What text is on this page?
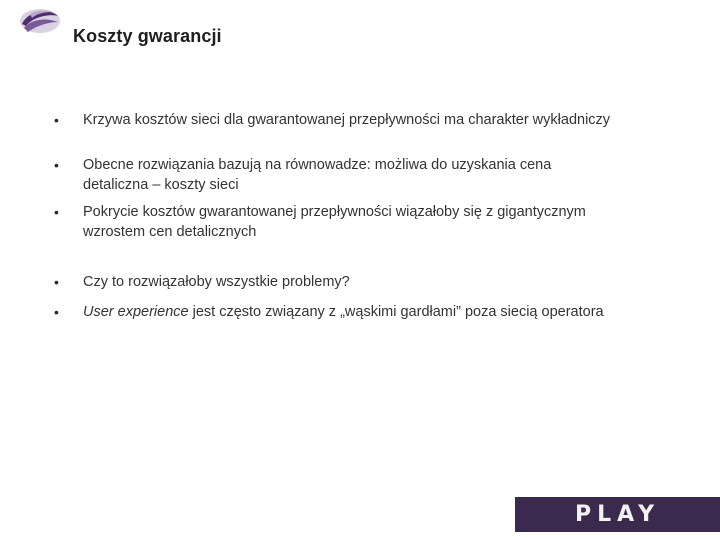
Koszty gwarancji
• Krzywa kosztów sieci dla gwarantowanej przepływności ma charakter wykładniczy
• Obecne rozwiązania bazują na równowadze: możliwa do uzyskania cena detaliczna – koszty sieci
• Pokrycie kosztów gwarantowanej przepływności wiązałoby się z gigantycznym wzrostem cen detalicznych
• Czy to rozwiązałoby wszystkie problemy?
• User experience jest często związany z „wąskimi gardłami” poza siecią operatora
PLAY
